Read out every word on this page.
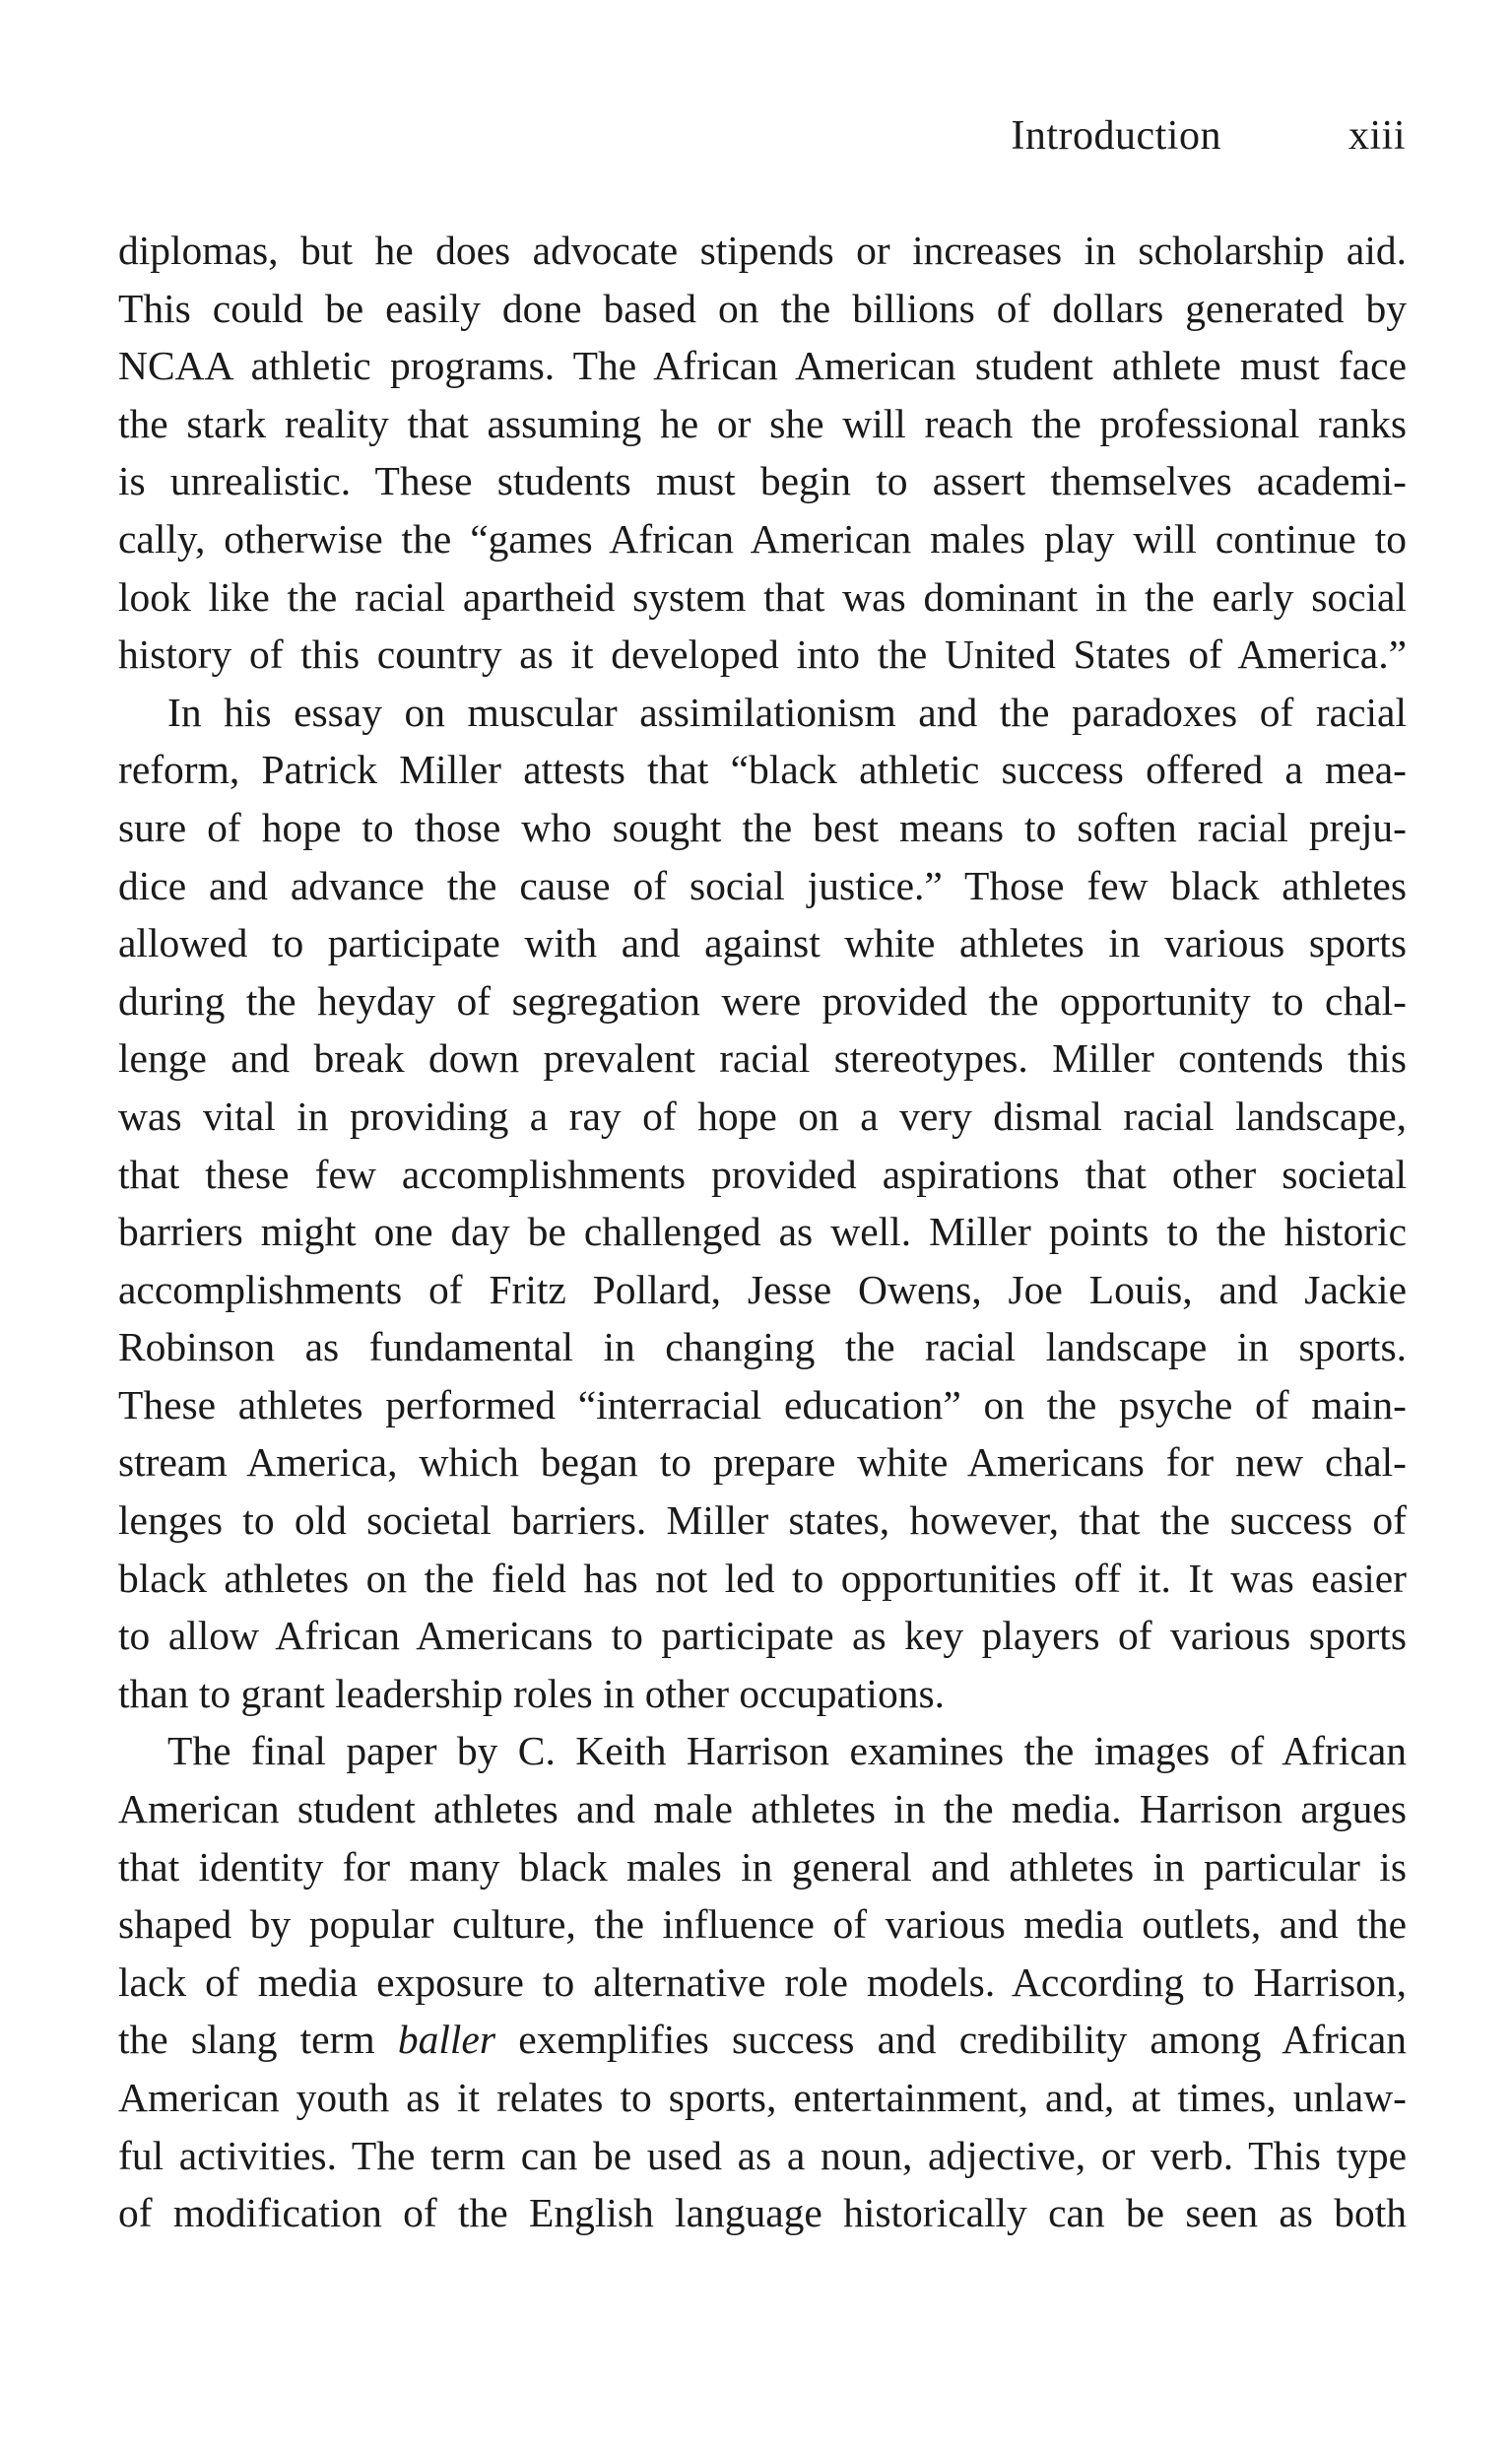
Introduction	xiii
diplomas, but he does advocate stipends or increases in scholarship aid.
This could be easily done based on the billions of dollars generated by
NCAA athletic programs. The African American student athlete must face
the stark reality that assuming he or she will reach the professional ranks
is unrealistic. These students must begin to assert themselves academi-
cally, otherwise the “games African American males play will continue to
look like the racial apartheid system that was dominant in the early social
history of this country as it developed into the United States of America.”
In his essay on muscular assimilationism and the paradoxes of racial
reform, Patrick Miller attests that “black athletic success offered a mea-
sure of hope to those who sought the best means to soften racial preju-
dice and advance the cause of social justice.” Those few black athletes
allowed to participate with and against white athletes in various sports
during the heyday of segregation were provided the opportunity to chal-
lenge and break down prevalent racial stereotypes. Miller contends this
was vital in providing a ray of hope on a very dismal racial landscape,
that these few accomplishments provided aspirations that other societal
barriers might one day be challenged as well. Miller points to the historic
accomplishments of Fritz Pollard, Jesse Owens, Joe Louis, and Jackie
Robinson as fundamental in changing the racial landscape in sports.
These athletes performed “interracial education” on the psyche of main-
stream America, which began to prepare white Americans for new chal-
lenges to old societal barriers. Miller states, however, that the success of
black athletes on the field has not led to opportunities off it. It was easier
to allow African Americans to participate as key players of various sports
than to grant leadership roles in other occupations.
The final paper by C. Keith Harrison examines the images of African
American student athletes and male athletes in the media. Harrison argues
that identity for many black males in general and athletes in particular is
shaped by popular culture, the influence of various media outlets, and the
lack of media exposure to alternative role models. According to Harrison,
the slang term baller exemplifies success and credibility among African
American youth as it relates to sports, entertainment, and, at times, unlaw-
ful activities. The term can be used as a noun, adjective, or verb. This type
of modification of the English language historically can be seen as both
